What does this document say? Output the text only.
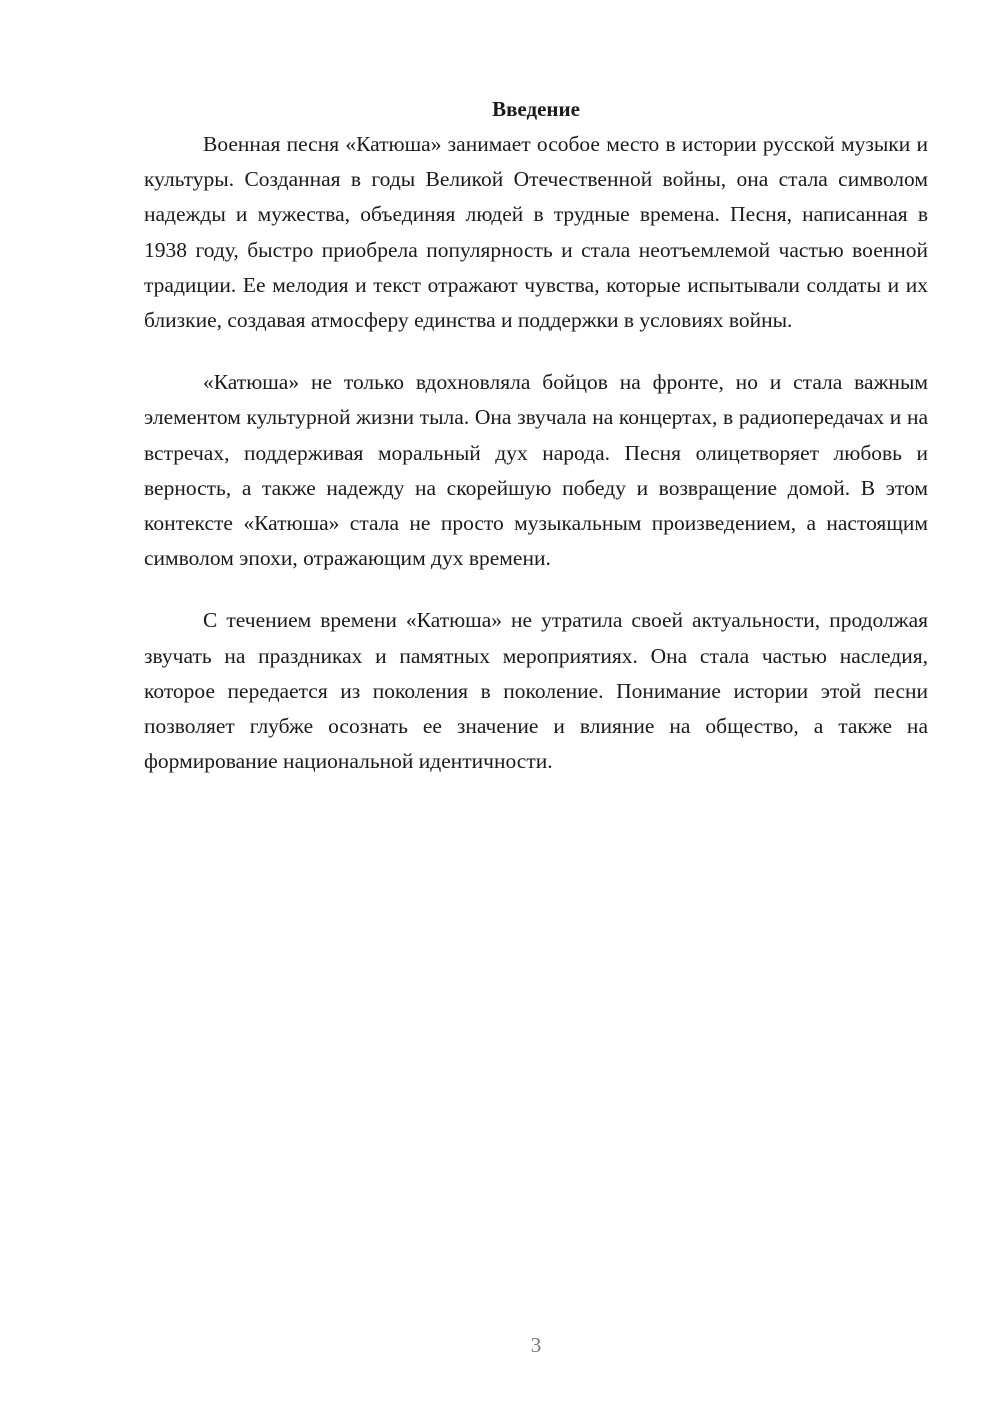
Введение

Военная песня «Катюша» занимает особое место в истории русской музыки и культуры. Созданная в годы Великой Отечественной войны, она стала символом надежды и мужества, объединяя людей в трудные времена. Песня, написанная в 1938 году, быстро приобрела популярность и стала неотъемлемой частью военной традиции. Ее мелодия и текст отражают чувства, которые испытывали солдаты и их близкие, создавая атмосферу единства и поддержки в условиях войны.

«Катюша» не только вдохновляла бойцов на фронте, но и стала важным элементом культурной жизни тыла. Она звучала на концертах, в радиопередачах и на встречах, поддерживая моральный дух народа. Песня олицетворяет любовь и верность, а также надежду на скорейшую победу и возвращение домой. В этом контексте «Катюша» стала не просто музыкальным произведением, а настоящим символом эпохи, отражающим дух времени.

С течением времени «Катюша» не утратила своей актуальности, продолжая звучать на праздниках и памятных мероприятиях. Она стала частью наследия, которое передается из поколения в поколение. Понимание истории этой песни позволяет глубже осознать ее значение и влияние на общество, а также на формирование национальной идентичности.

3
